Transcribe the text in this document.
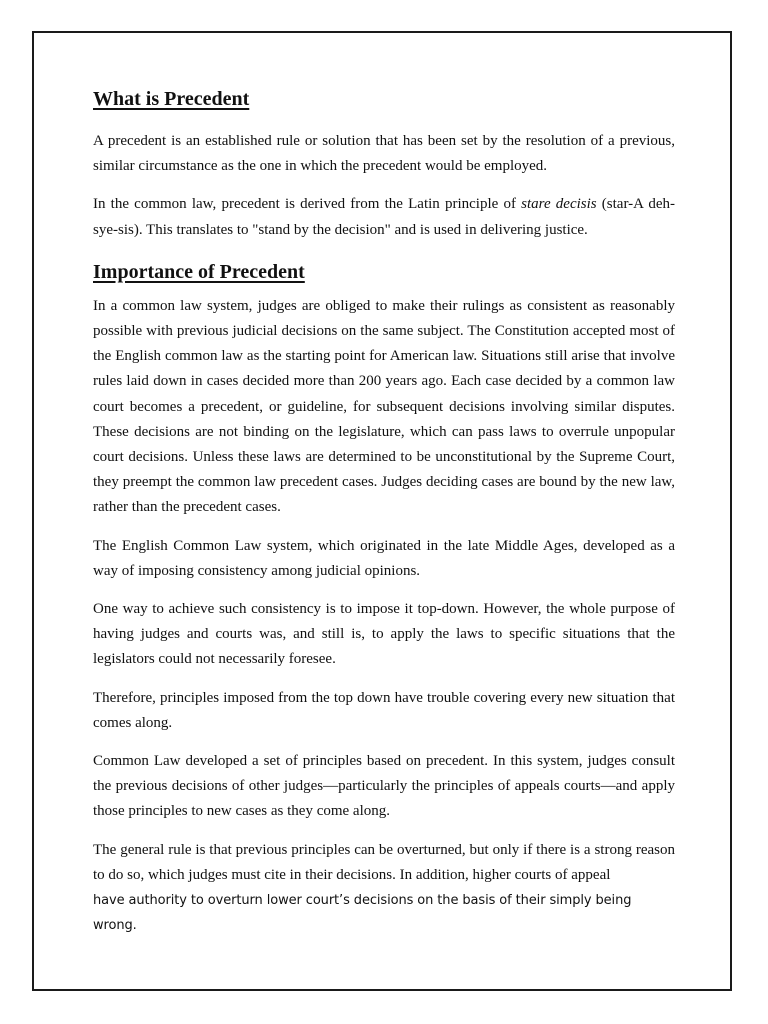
What is Precedent

A precedent is an established rule or solution that has been set by the resolution of a previous, similar circumstance as the one in which the precedent would be employed.

In the common law, precedent is derived from the Latin principle of stare decisis (star-A deh-sye-sis). This translates to "stand by the decision" and is used in delivering justice.

Importance of Precedent

In a common law system, judges are obliged to make their rulings as consistent as reasonably possible with previous judicial decisions on the same subject. The Constitution accepted most of the English common law as the starting point for American law. Situations still arise that involve rules laid down in cases decided more than 200 years ago. Each case decided by a common law court becomes a precedent, or guideline, for subsequent decisions involving similar disputes. These decisions are not binding on the legislature, which can pass laws to overrule unpopular court decisions. Unless these laws are determined to be unconstitutional by the Supreme Court, they preempt the common law precedent cases. Judges deciding cases are bound by the new law, rather than the precedent cases.

The English Common Law system, which originated in the late Middle Ages, developed as a way of imposing consistency among judicial opinions.

One way to achieve such consistency is to impose it top-down. However, the whole purpose of having judges and courts was, and still is, to apply the laws to specific situations that the legislators could not necessarily foresee.

Therefore, principles imposed from the top down have trouble covering every new situation that comes along.

Common Law developed a set of principles based on precedent. In this system, judges consult the previous decisions of other judges—particularly the principles of appeals courts—and apply those principles to new cases as they come along.

The general rule is that previous principles can be overturned, but only if there is a strong reason to do so, which judges must cite in their decisions. In addition, higher courts of appeal
have authority to overturn lower court’s decisions on the basis of their simply being wrong.
